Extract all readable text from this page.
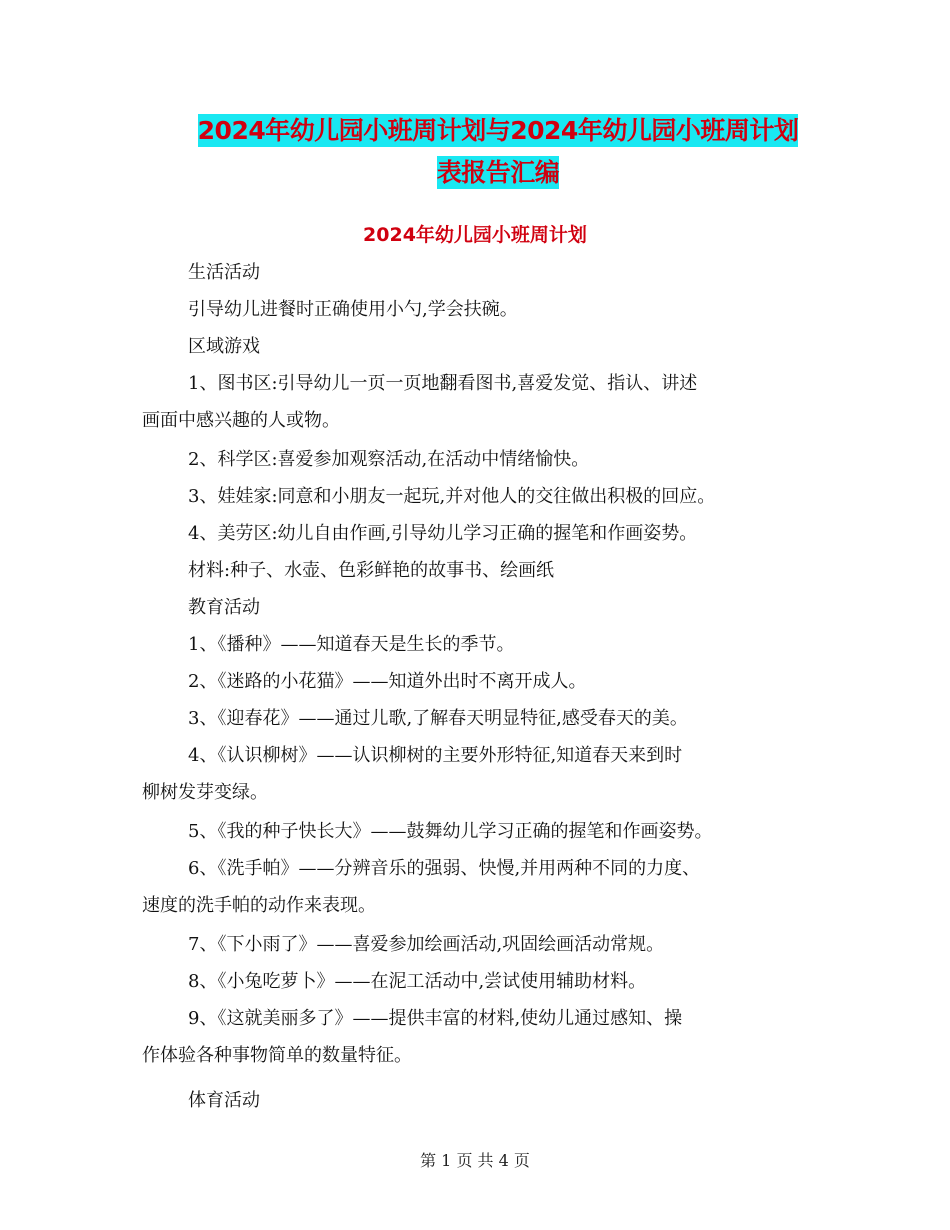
2024年幼儿园小班周计划与2024年幼儿园小班周计划
表报告汇编
2024年幼儿园小班周计划
生活活动
引导幼儿进餐时正确使用小勺,学会扶碗。
区域游戏
1、图书区:引导幼儿一页一页地翻看图书,喜爱发觉、指认、讲述
画面中感兴趣的人或物。
2、科学区:喜爱参加观察活动,在活动中情绪愉快。
3、娃娃家:同意和小朋友一起玩,并对他人的交往做出积极的回应。
4、美劳区:幼儿自由作画,引导幼儿学习正确的握笔和作画姿势。
材料:种子、水壶、色彩鲜艳的故事书、绘画纸
教育活动
1、《播种》——知道春天是生长的季节。
2、《迷路的小花猫》——知道外出时不离开成人。
3、《迎春花》——通过儿歌,了解春天明显特征,感受春天的美。
4、《认识柳树》——认识柳树的主要外形特征,知道春天来到时
柳树发芽变绿。
5、《我的种子快长大》——鼓舞幼儿学习正确的握笔和作画姿势。
6、《洗手帕》——分辨音乐的强弱、快慢,并用两种不同的力度、
速度的洗手帕的动作来表现。
7、《下小雨了》——喜爱参加绘画活动,巩固绘画活动常规。
8、《小兔吃萝卜》——在泥工活动中,尝试使用辅助材料。
9、《这就美丽多了》——提供丰富的材料,使幼儿通过感知、操
作体验各种事物简单的数量特征。
体育活动
第 1 页 共 4 页
